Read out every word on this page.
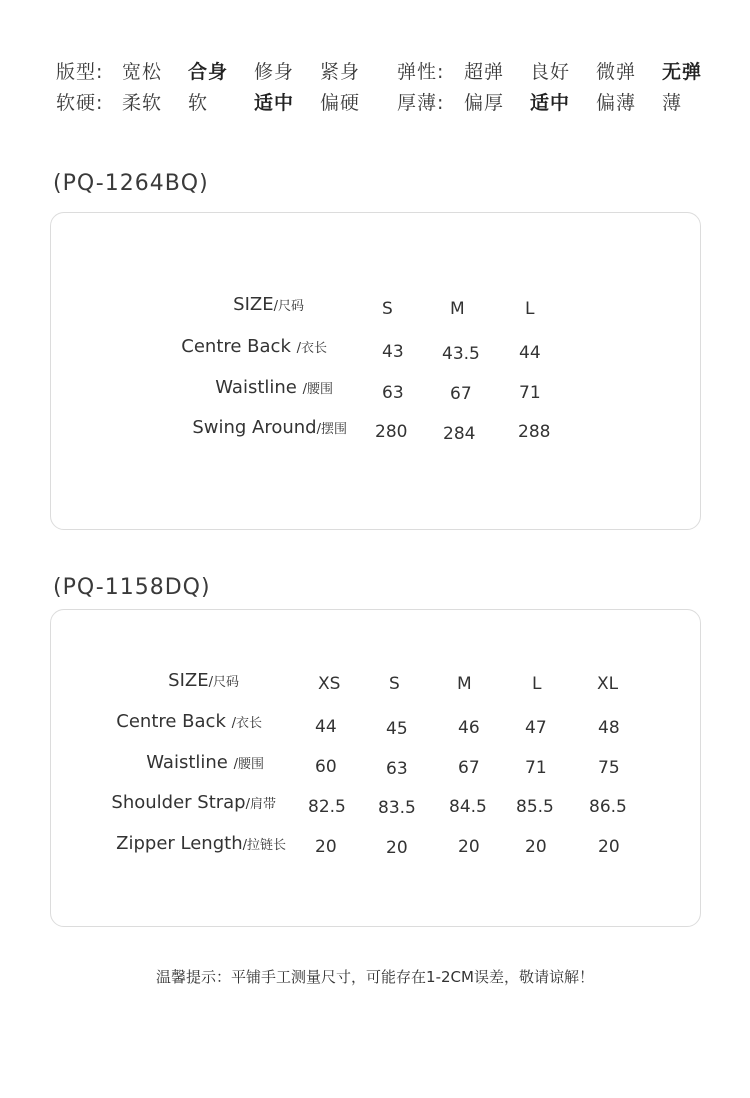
版型: 宽松 合身 修身 紧身 弹性: 超弹 良好 微弹 无弹
软硬: 柔软 软 适中 偏硬 厚薄: 偏厚 适中 偏薄 薄
(PQ-1264BQ)
SIZE/尺码	S	M	L
Centre Back /衣长	43 43.5 44
Waistline /腰围	63	67	71
Swing Around/摆围 280 284	288
(PQ-1158DQ)
SIZE/尺码	XS	S	M	L	XL
Centre Back /衣长	44	45	46	47	48
Waistline /腰围	60	63	67	71	75
Shoulder Strap/肩带 82.5 83.5 84.5 85.5 86.5
Zipper Length/拉链长 20	20	20	20	20
温馨提示：平铺手工测量尺寸，可能存在1-2CM误差，敬请谅解！
